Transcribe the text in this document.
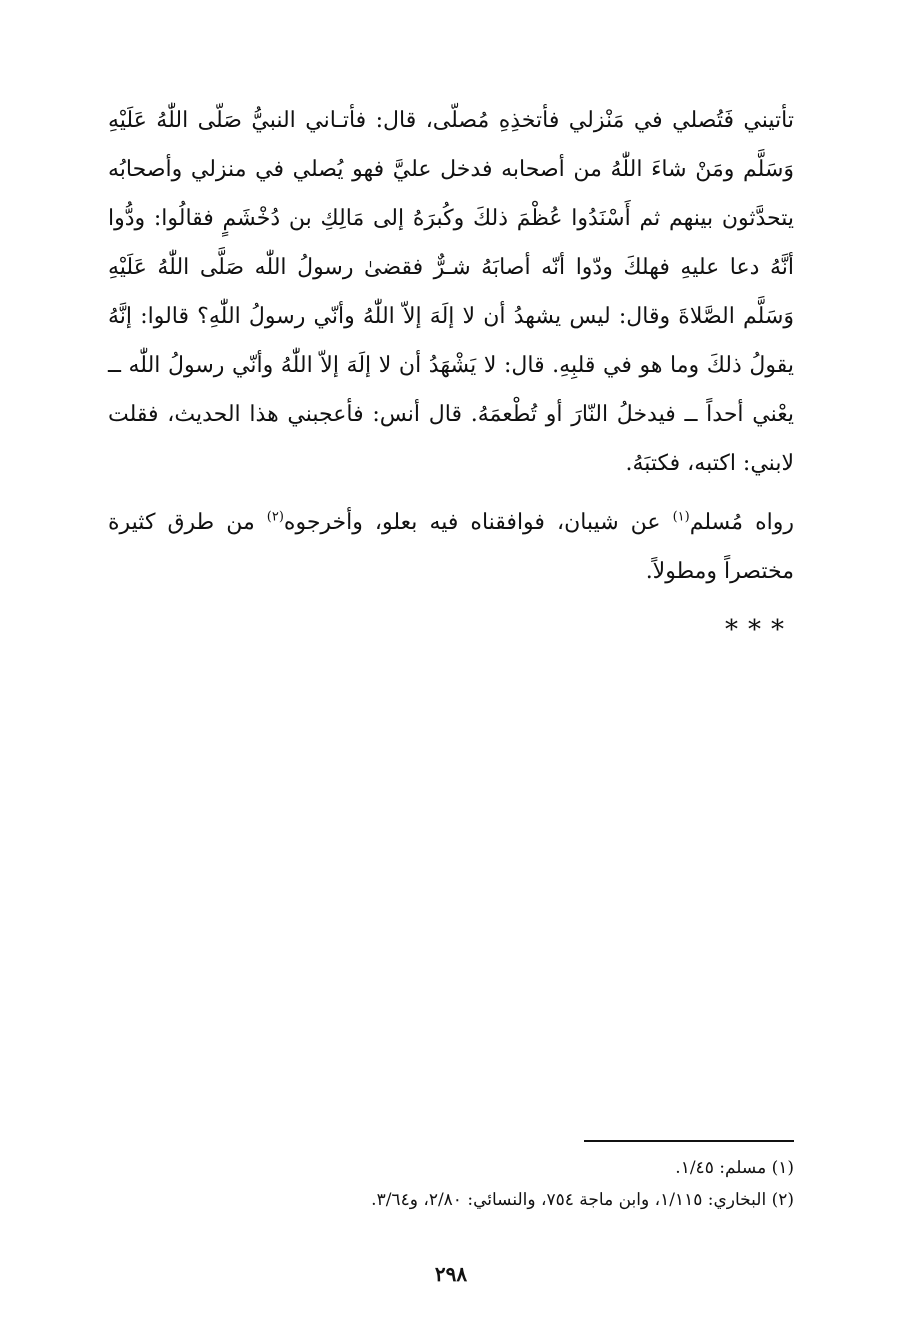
تأتيني فَتُصلي في مَنْزلي فأتخذِهِ مُصلّى، قال: فأتـاني النبيُّ صَلّى اللّٰهُ عَلَيْهِ وَسَلَّم ومَنْ شاءَ اللّٰهُ من أصحابه فدخل عليَّ فهو يُصلي في منزلي وأصحابُه يتحدَّثون بينهم ثم أَسْنَدُوا عُظْمَ ذلكَ وكُبرَهُ إلى مَالِكِ بن دُخْشَمٍ فقالُوا: ودُّوا أنَّهُ دعا عليهِ فهلكَ ودّوا أنّه أصابَهُ شـرٌّ فقضىٰ رسولُ اللّٰه صَلَّى اللّٰهُ عَلَيْهِ وَسَلَّم الصَّلاةَ وقال: ليس يشهدُ أن لا إلَهَ إلاّ اللّٰهُ وأنّي رسولُ اللّٰهِ؟ قالوا: إنَّهُ يقولُ ذلكَ وما هو في قلبِهِ. قال: لا يَشْهَدُ أن لا إلَهَ إلاّ اللّٰهُ وأنّي رسولُ اللّٰه ــ يعْني أحداً ــ فيدخلُ النّارَ أو تُطْعمَهُ. قال أنس: فأعجبني هذا الحديث، فقلت لابني: اكتبه، فكتبَهُ.

رواه مُسلم$^{(١)}$ عن شيبان، فوافقناه فيه بعلو، وأخرجوه$^{(٢)}$ من طرق كثيرة مختصراً ومطولاً.

***
(١) مسلم: ١/٤٥.
(٢) البخاري: ١/١١٥، وابن ماجة ٧٥٤، والنسائي: ٢/٨٠، و٣/٦٤.
٢٩٨
